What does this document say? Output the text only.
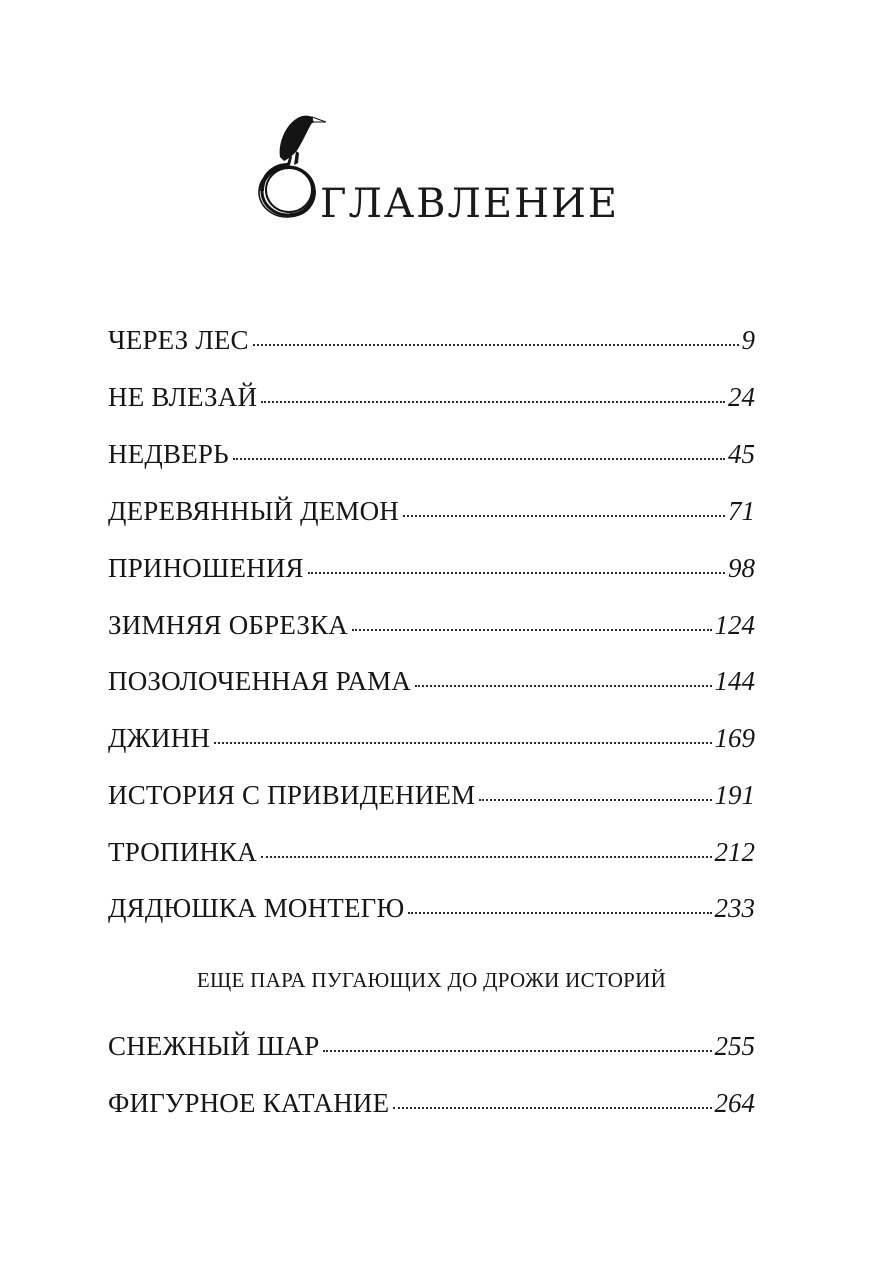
ГЛАВЛЕНИЕ
ЧЕРЕЗ ЛЕС	9
НЕ ВЛЕЗАЙ	24
НЕДВЕРЬ	45
ДЕРЕВЯННЫЙ ДЕМОН	71
ПРИНОШЕНИЯ	98
ЗИМНЯЯ ОБРЕЗКА	124
ПОЗОЛОЧЕННАЯ РАМА	144
ДЖИНН	169
ИСТОРИЯ С ПРИВИДЕНИЕМ	191
ТРОПИНКА	212
ДЯДЮШКА МОНТЕГЮ	233
СНЕЖНЫЙ ШАР	255
ФИГУРНОЕ КАТАНИЕ	264
ЕЩЕ ПАРА ПУГАЮЩИХ ДО ДРОЖИ ИСТОРИЙ
